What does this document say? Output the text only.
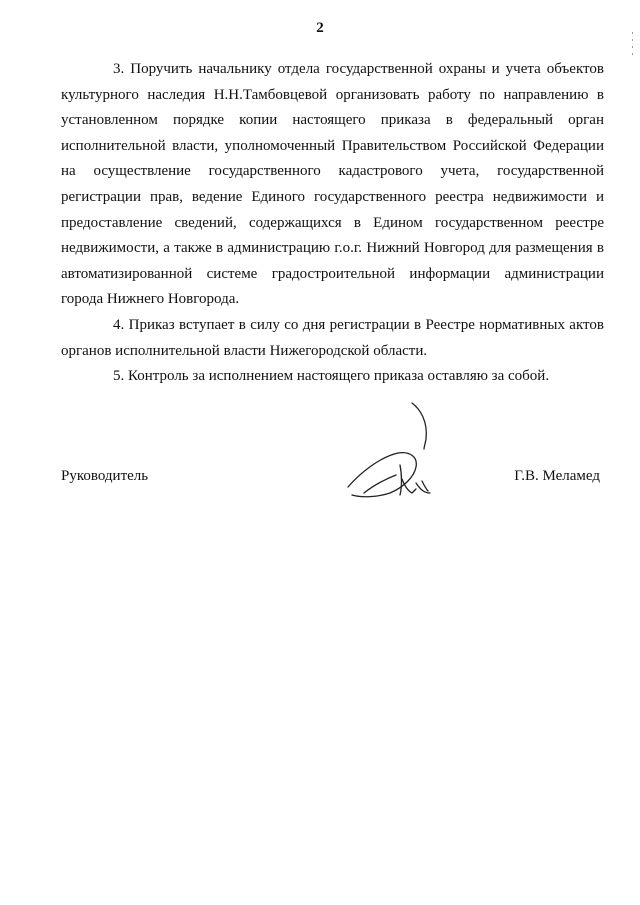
2

3. Поручить начальнику отдела государственной охраны и учета объектов культурного наследия Н.Н.Тамбовцевой организовать работу по направлению в установленном порядке копии настоящего приказа в федеральный орган исполнительной власти, уполномоченный Правительством Российской Федерации на осуществление государственного кадастрового учета, государственной регистрации прав, ведение Единого государственного реестра недвижимости и предоставление сведений, содержащихся в Едином государственном реестре недвижимости, а также в администрацию г.о.г. Нижний Новгород для размещения в автоматизированной системе градостроительной информации администрации города Нижнего Новгорода.

4. Приказ вступает в силу со дня регистрации в Реестре нормативных актов органов исполнительной власти Нижегородской области.

5. Контроль за исполнением настоящего приказа оставляю за собой.

Руководитель	Г.В. Меламед
